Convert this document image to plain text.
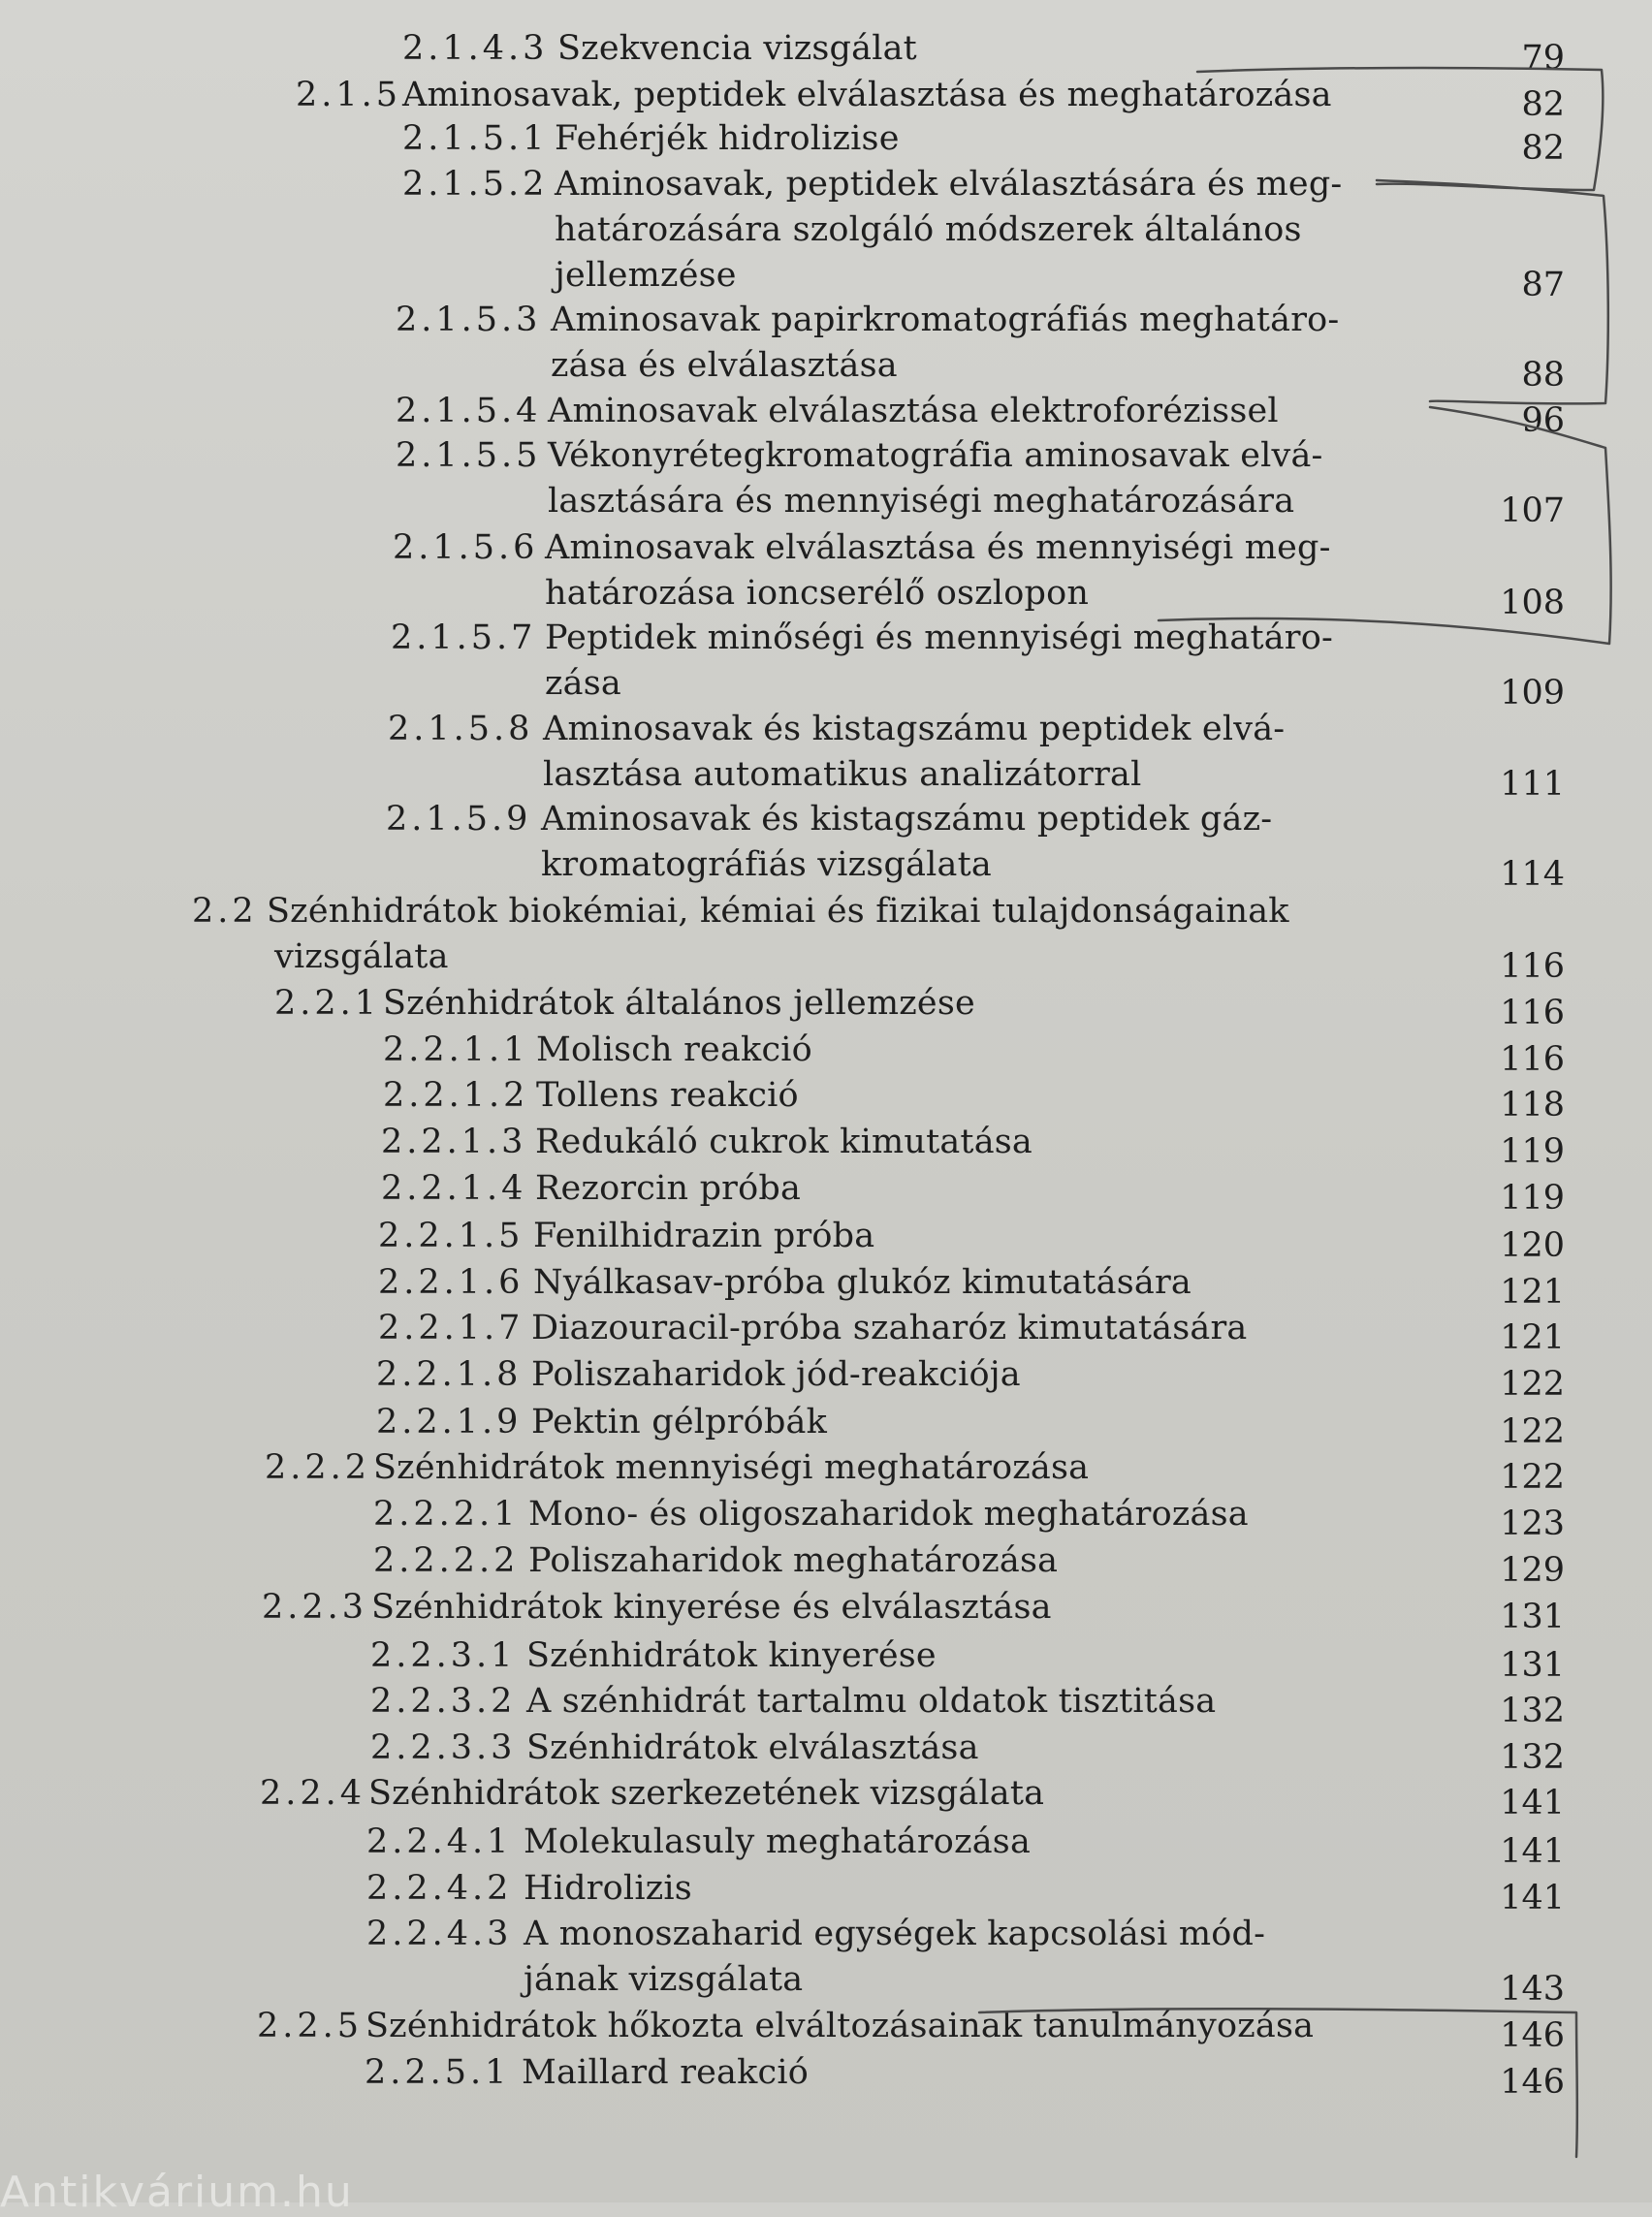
2.1.4.3 Szekvencia vizsgálat	79
2.1.5 Aminosavak, peptidek elválasztása és meghatározása	82
2.1.5.1 Fehérjék hidrolizise	82
2.1.5.2 Aminosavak, peptidek elválasztására és meg-
határozására szolgáló módszerek általános
jellemzése	87
2.1.5.3 Aminosavak papirkromatográfiás meghatáro-
zása és elválasztása	88
2.1.5.4 Aminosavak elválasztása elektroforézissel	96
2.1.5.5 Vékonyrétegkromatográfia aminosavak elvá-
lasztására és mennyiségi meghatározására	107
2.1.5.6 Aminosavak elválasztása és mennyiségi meg-
határozása ioncserélő oszlopon	108
2.1.5.7 Peptidek minőségi és mennyiségi meghatáro-
zása	109
2.1.5.8 Aminosavak és kistagszámu peptidek elvá-
lasztása automatikus analizátorral	111
2.1.5.9 Aminosavak és kistagszámu peptidek gáz-
kromatográfiás vizsgálata	114
2.2 Szénhidrátok biokémiai, kémiai és fizikai tulajdonságainak
vizsgálata	116
2.2.1 Szénhidrátok általános jellemzése	116
2.2.1.1 Molisch reakció	116
2.2.1.2 Tollens reakció	118
2.2.1.3 Redukáló cukrok kimutatása	119
2.2.1.4 Rezorcin próba	119
2.2.1.5 Fenilhidrazin próba	120
2.2.1.6 Nyálkasav-próba glukóz kimutatására	121
2.2.1.7 Diazouracil-próba szaharóz kimutatására	121
2.2.1.8 Poliszaharidok jód-reakciója	122
2.2.1.9 Pektin gélpróbák	122
2.2.2 Szénhidrátok mennyiségi meghatározása	122
2.2.2.1 Mono- és oligoszaharidok meghatározása	123
2.2.2.2 Poliszaharidok meghatározása	129
2.2.3 Szénhidrátok kinyerése és elválasztása	131
2.2.3.1 Szénhidrátok kinyerése	131
2.2.3.2 A szénhidrát tartalmu oldatok tisztitása	132
2.2.3.3 Szénhidrátok elválasztása	132
2.2.4 Szénhidrátok szerkezetének vizsgálata	141
2.2.4.1 Molekulasuly meghatározása	141
2.2.4.2 Hidrolizis	141
2.2.4.3 A monoszaharid egységek kapcsolási mód-
jának vizsgálata	143
2.2.5 Szénhidrátok hőkozta elváltozásainak tanulmányozása	146
2.2.5.1 Maillard reakció	146
Antikvárium.hu
